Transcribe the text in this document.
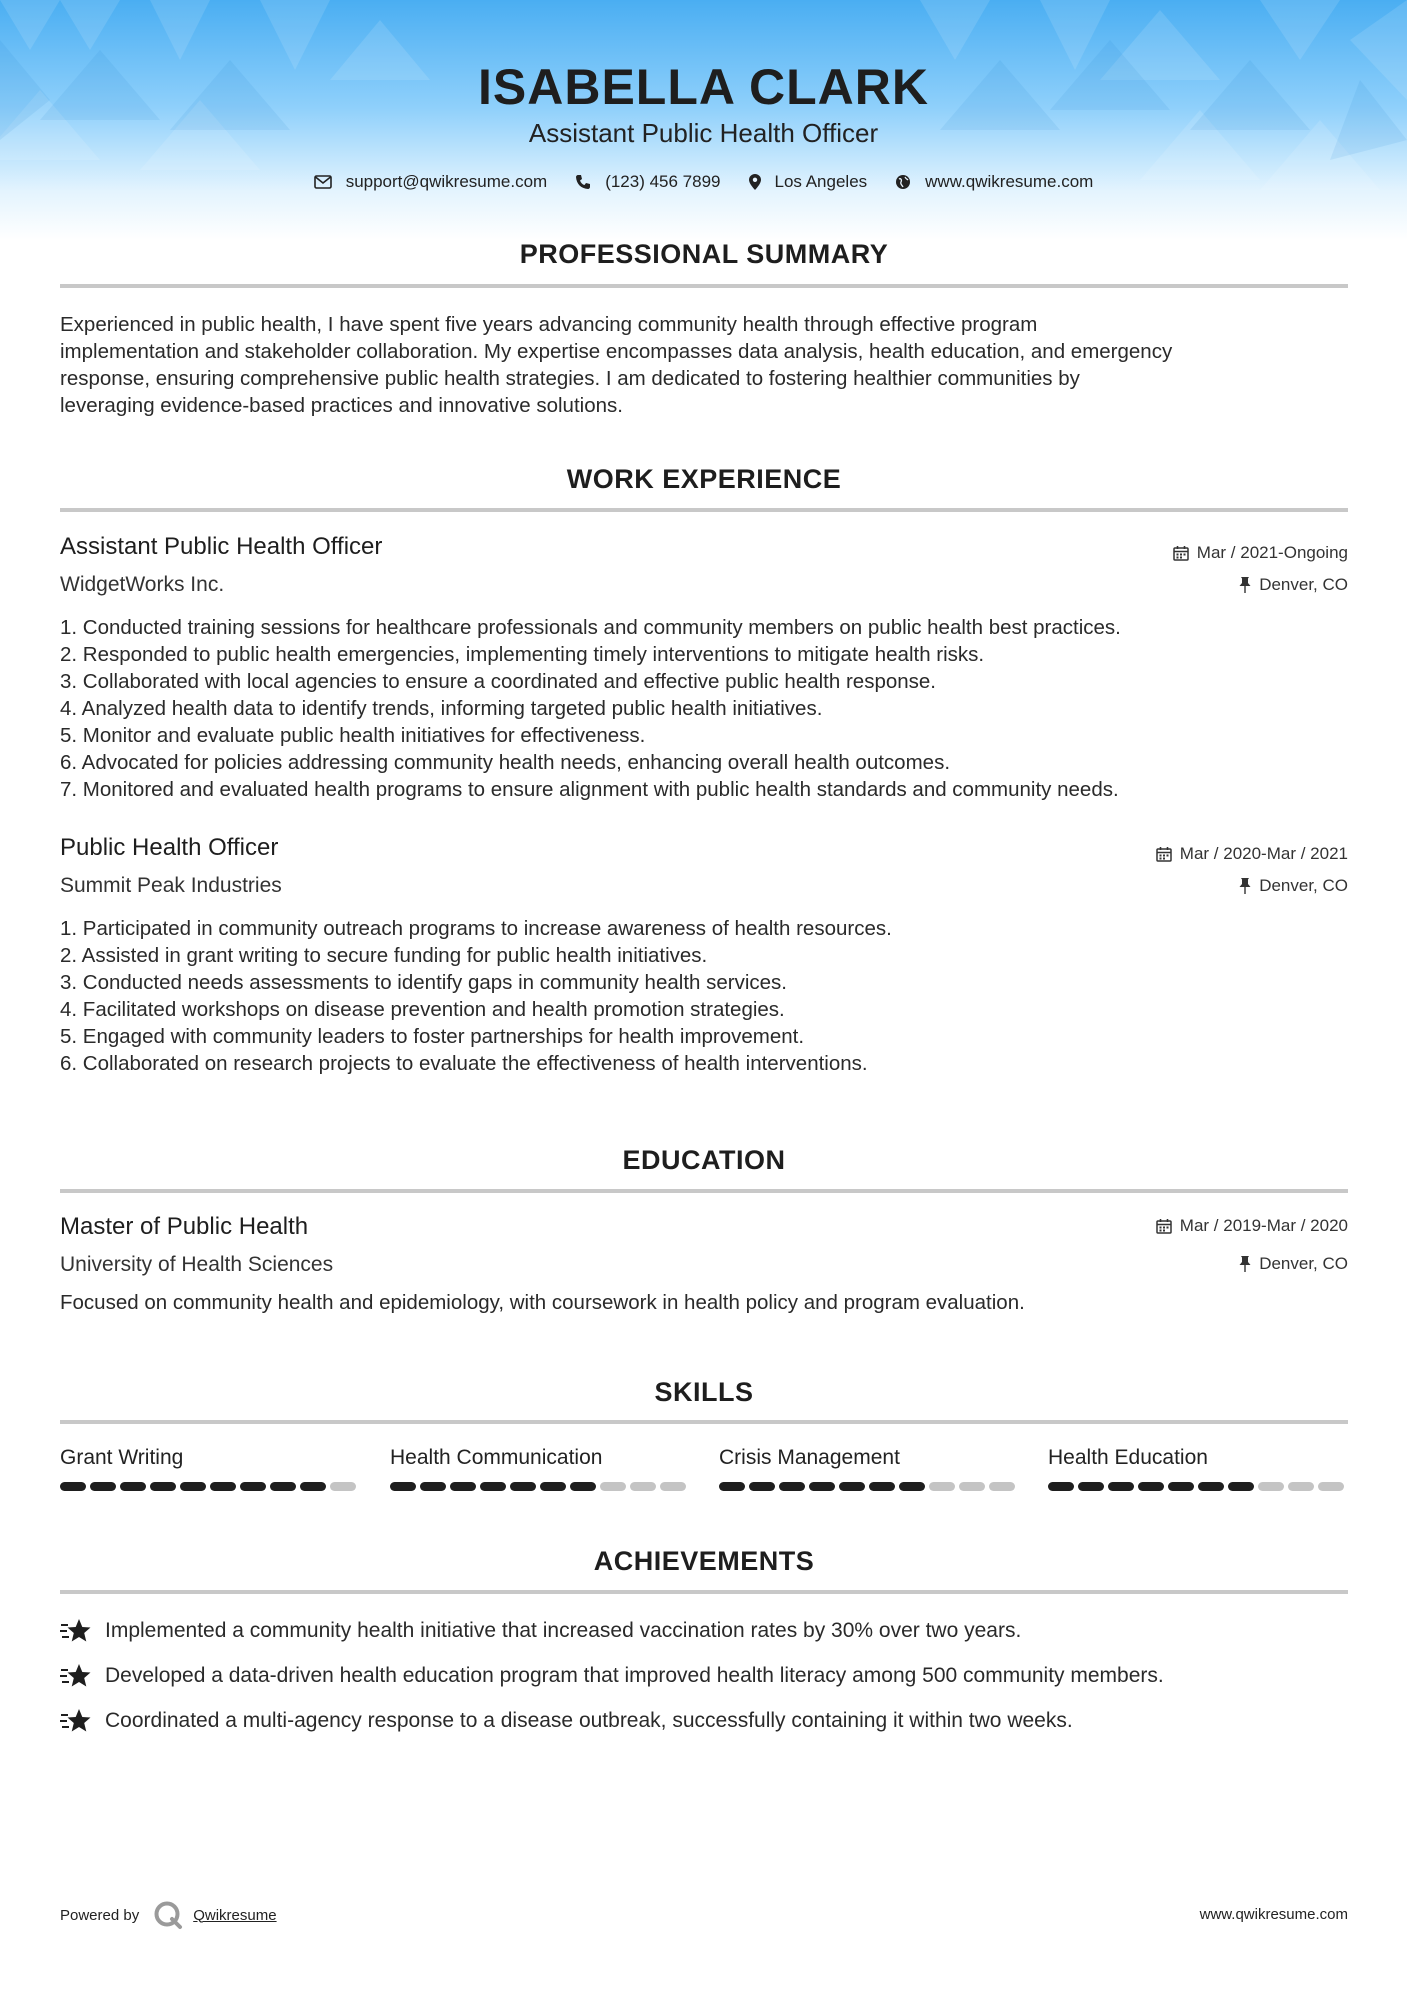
ISABELLA CLARK
Assistant Public Health Officer
support@qwikresume.com	(123) 456 7899	Los Angeles	www.qwikresume.com
PROFESSIONAL SUMMARY
Experienced in public health, I have spent five years advancing community health through effective program
implementation and stakeholder collaboration. My expertise encompasses data analysis, health education, and emergency
response, ensuring comprehensive public health strategies. I am dedicated to fostering healthier communities by
leveraging evidence-based practices and innovative solutions.
WORK EXPERIENCE
Assistant Public Health Officer	Mar / 2021-Ongoing
WidgetWorks Inc.	Denver, CO
1. Conducted training sessions for healthcare professionals and community members on public health best practices.
2. Responded to public health emergencies, implementing timely interventions to mitigate health risks.
3. Collaborated with local agencies to ensure a coordinated and effective public health response.
4. Analyzed health data to identify trends, informing targeted public health initiatives.
5. Monitor and evaluate public health initiatives for effectiveness.
6. Advocated for policies addressing community health needs, enhancing overall health outcomes.
7. Monitored and evaluated health programs to ensure alignment with public health standards and community needs.
Public Health Officer	Mar / 2020-Mar / 2021
Summit Peak Industries	Denver, CO
1. Participated in community outreach programs to increase awareness of health resources.
2. Assisted in grant writing to secure funding for public health initiatives.
3. Conducted needs assessments to identify gaps in community health services.
4. Facilitated workshops on disease prevention and health promotion strategies.
5. Engaged with community leaders to foster partnerships for health improvement.
6. Collaborated on research projects to evaluate the effectiveness of health interventions.
EDUCATION
Master of Public Health	Mar / 2019-Mar / 2020
University of Health Sciences	Denver, CO
Focused on community health and epidemiology, with coursework in health policy and program evaluation.
SKILLS
Grant Writing	Health Communication	Crisis Management	Health Education
ACHIEVEMENTS
Implemented a community health initiative that increased vaccination rates by 30% over two years.
Developed a data-driven health education program that improved health literacy among 500 community members.
Coordinated a multi-agency response to a disease outbreak, successfully containing it within two weeks.
Powered by	Qwikresume	www.qwikresume.com
